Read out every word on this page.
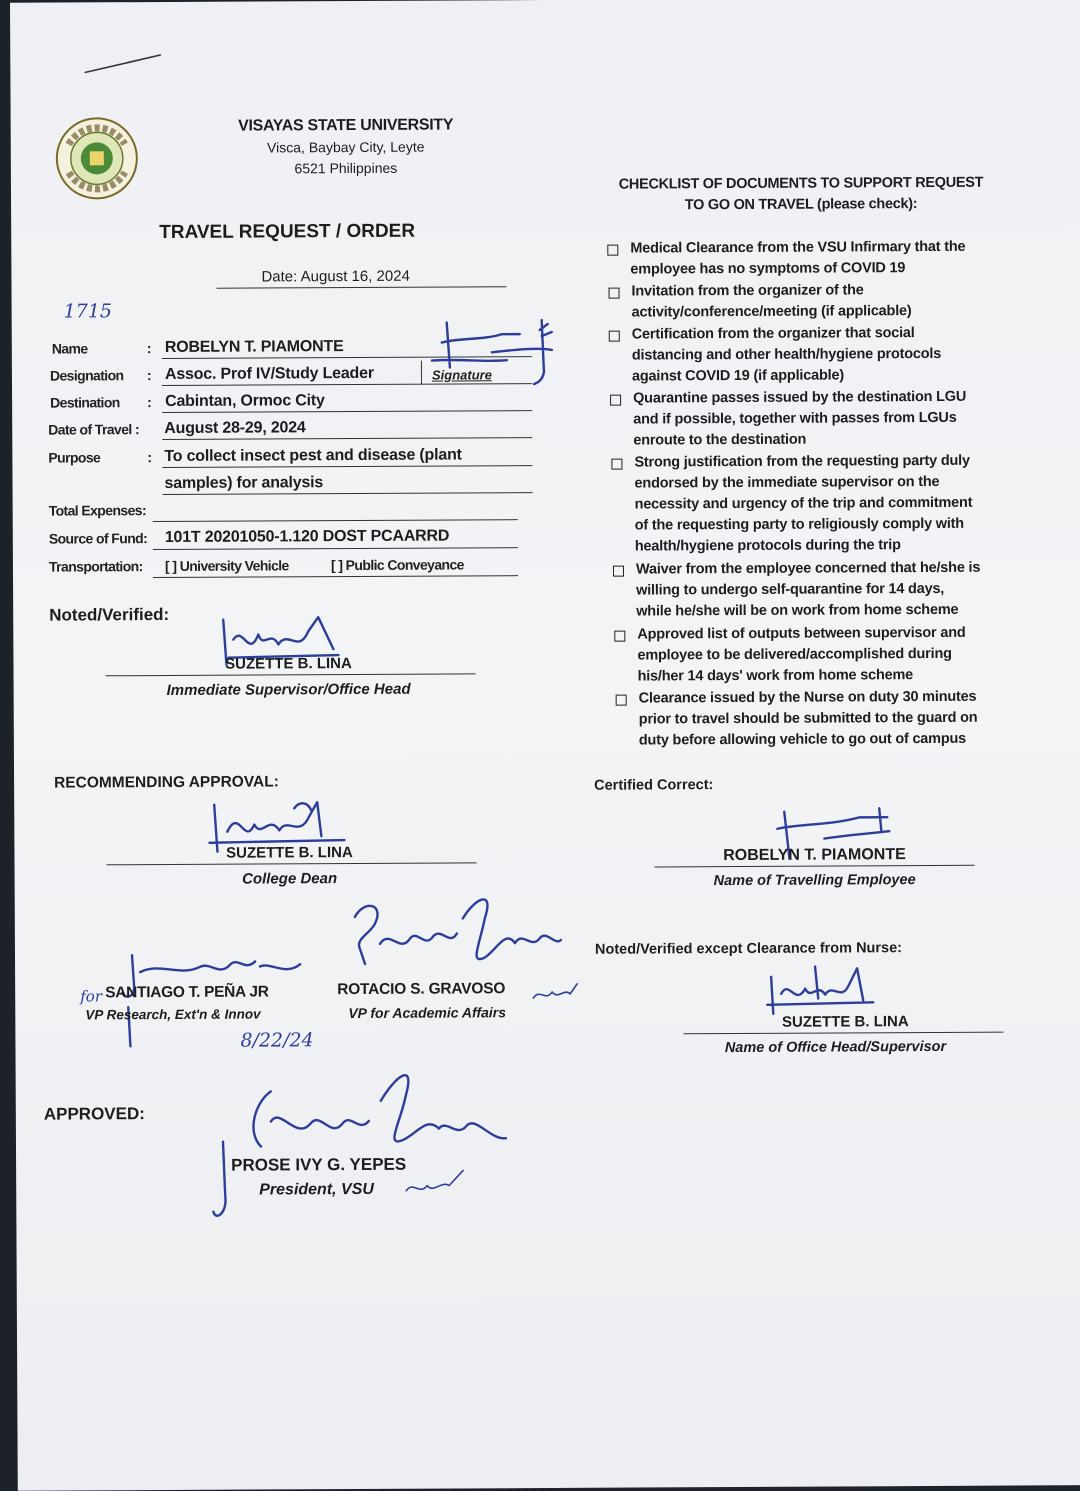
VISAYAS STATE UNIVERSITY
Visca, Baybay City, Leyte
6521 Philippines
TRAVEL REQUEST / ORDER
Date: August 16, 2024
1715
Name	: ROBELYN T. PIAMONTE
Designation : Assoc. Prof IV/Study Leader	Signature
Destination : Cabintan, Ormoc City
Date of Travel : August 28-29, 2024
Purpose	: To collect insect pest and disease (plant
samples) for analysis
Total Expenses:
Source of Fund: 101T 20201050-1.120 DOST PCAARRD
Transportation: [ ] University Vehicle	[ ] Public Conveyance
Noted/Verified:
SUZETTE B. LINA
Immediate Supervisor/Office Head
RECOMMENDING APPROVAL:
SUZETTE B. LINA
College Dean
for SANTIAGO T. PEÑA JR
VP Research, Ext'n & Innov
8/22/24
ROTACIO S. GRAVOSO
VP for Academic Affairs
APPROVED:
PROSE IVY G. YEPES
President, VSU
CHECKLIST OF DOCUMENTS TO SUPPORT REQUEST
TO GO ON TRAVEL (please check):
Medical Clearance from the VSU Infirmary that the
employee has no symptoms of COVID 19
Invitation from the organizer of the
activity/conference/meeting (if applicable)
Certification from the organizer that social
distancing and other health/hygiene protocols
against COVID 19 (if applicable)
Quarantine passes issued by the destination LGU
and if possible, together with passes from LGUs
enroute to the destination
Strong justification from the requesting party duly
endorsed by the immediate supervisor on the
necessity and urgency of the trip and commitment
of the requesting party to religiously comply with
health/hygiene protocols during the trip
Waiver from the employee concerned that he/she is
willing to undergo self-quarantine for 14 days,
while he/she will be on work from home scheme
Approved list of outputs between supervisor and
employee to be delivered/accomplished during
his/her 14 days' work from home scheme
Clearance issued by the Nurse on duty 30 minutes
prior to travel should be submitted to the guard on
duty before allowing vehicle to go out of campus
Certified Correct:
ROBELYN T. PIAMONTE
Name of Travelling Employee
Noted/Verified except Clearance from Nurse:
SUZETTE B. LINA
Name of Office Head/Supervisor
